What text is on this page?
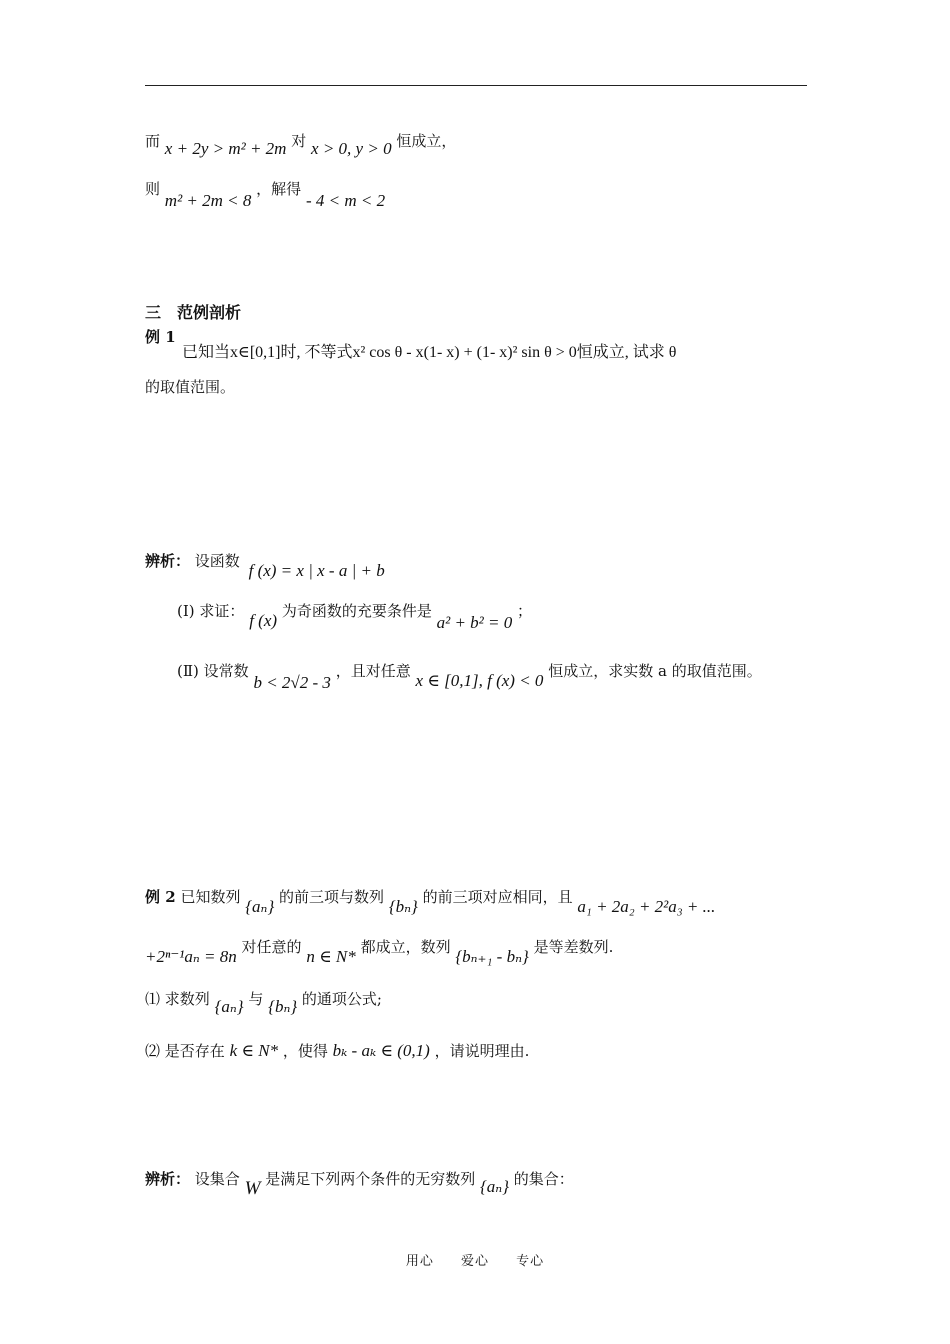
而 x + 2y > m² + 2m 对 x > 0, y > 0 恒成立，
则 m² + 2m < 8 ，解得 - 4 < m < 2
三　范例剖析
例 1
已知当x∈[0,1]时, 不等式x² cos θ - x(1- x) + (1- x)² sin θ > 0恒成立, 试求 θ
的取值范围。
辨析： 设函数 f (x) = x | x - a | + b
(Ⅰ) 求证： f (x) 为奇函数的充要条件是 a² + b² = 0 ；
(Ⅱ) 设常数 b < 2√2 - 3 ，且对任意 x ∈ [0,1], f (x) < 0 恒成立，求实数 a 的取值范围。
例 2 已知数列 {aₙ} 的前三项与数列 {bₙ} 的前三项对应相同，且 a₁ + 2a₂ + 2²a₃ + ...
+2ⁿ⁻¹aₙ = 8n 对任意的 n ∈ N* 都成立，数列 {bₙ₊₁ - bₙ} 是等差数列.
⑴ 求数列 {aₙ} 与 {bₙ} 的通项公式;
⑵ 是否存在 k ∈ N* ，使得 bₖ - aₖ ∈ (0,1) ，请说明理由.
辨析： 设集合 W 是满足下列两个条件的无穷数列 {aₙ} 的集合：
用心 爱心 专心
